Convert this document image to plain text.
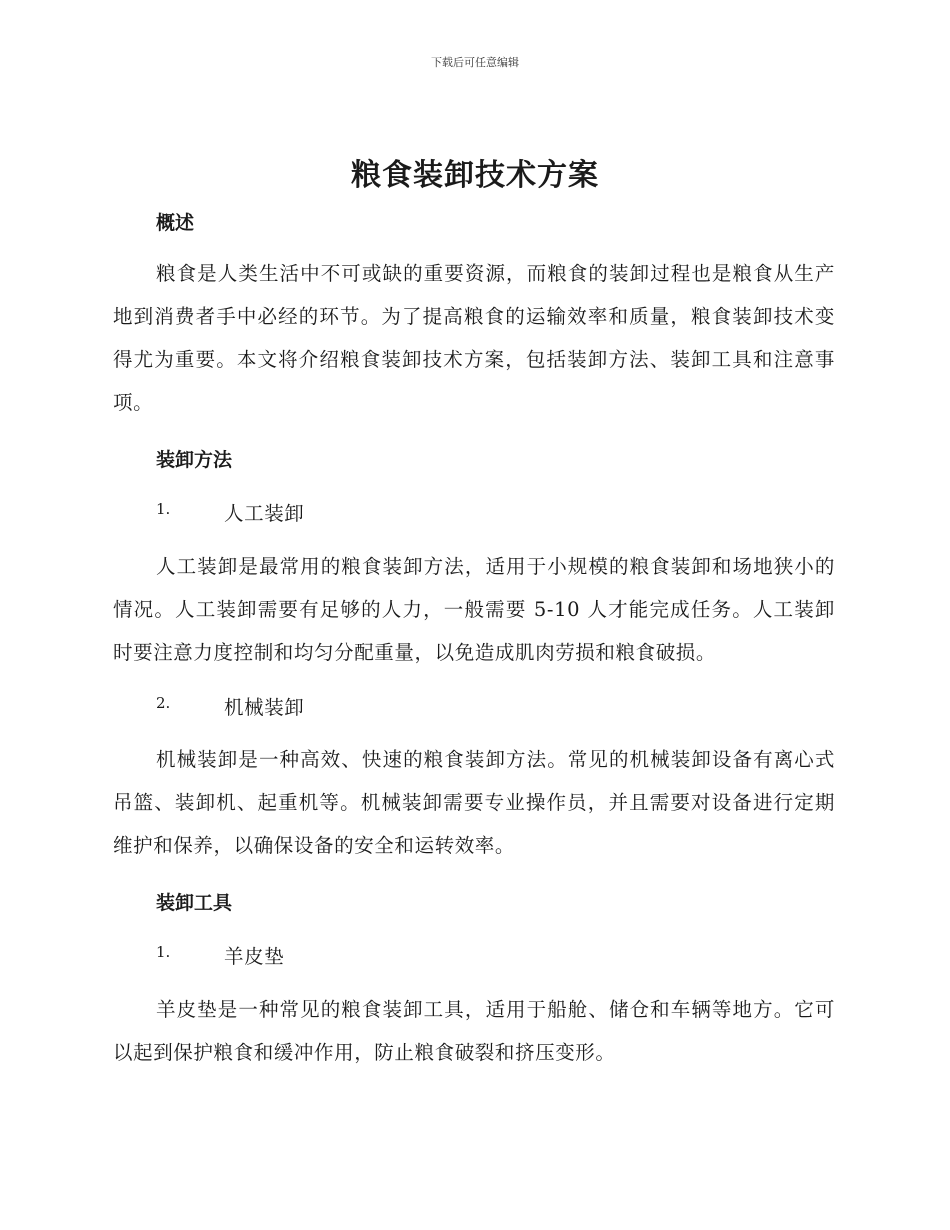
下载后可任意编辑
粮食装卸技术方案
概述
粮食是人类生活中不可或缺的重要资源，而粮食的装卸过程也是粮食从生产地到消费者手中必经的环节。为了提高粮食的运输效率和质量，粮食装卸技术变得尤为重要。本文将介绍粮食装卸技术方案，包括装卸方法、装卸工具和注意事项。
装卸方法
1.	人工装卸
人工装卸是最常用的粮食装卸方法，适用于小规模的粮食装卸和场地狭小的情况。人工装卸需要有足够的人力，一般需要 5-10 人才能完成任务。人工装卸时要注意力度控制和均匀分配重量，以免造成肌肉劳损和粮食破损。
2.	机械装卸
机械装卸是一种高效、快速的粮食装卸方法。常见的机械装卸设备有离心式吊篮、装卸机、起重机等。机械装卸需要专业操作员，并且需要对设备进行定期维护和保养，以确保设备的安全和运转效率。
装卸工具
1.	羊皮垫
羊皮垫是一种常见的粮食装卸工具，适用于船舱、储仓和车辆等地方。它可以起到保护粮食和缓冲作用，防止粮食破裂和挤压变形。
